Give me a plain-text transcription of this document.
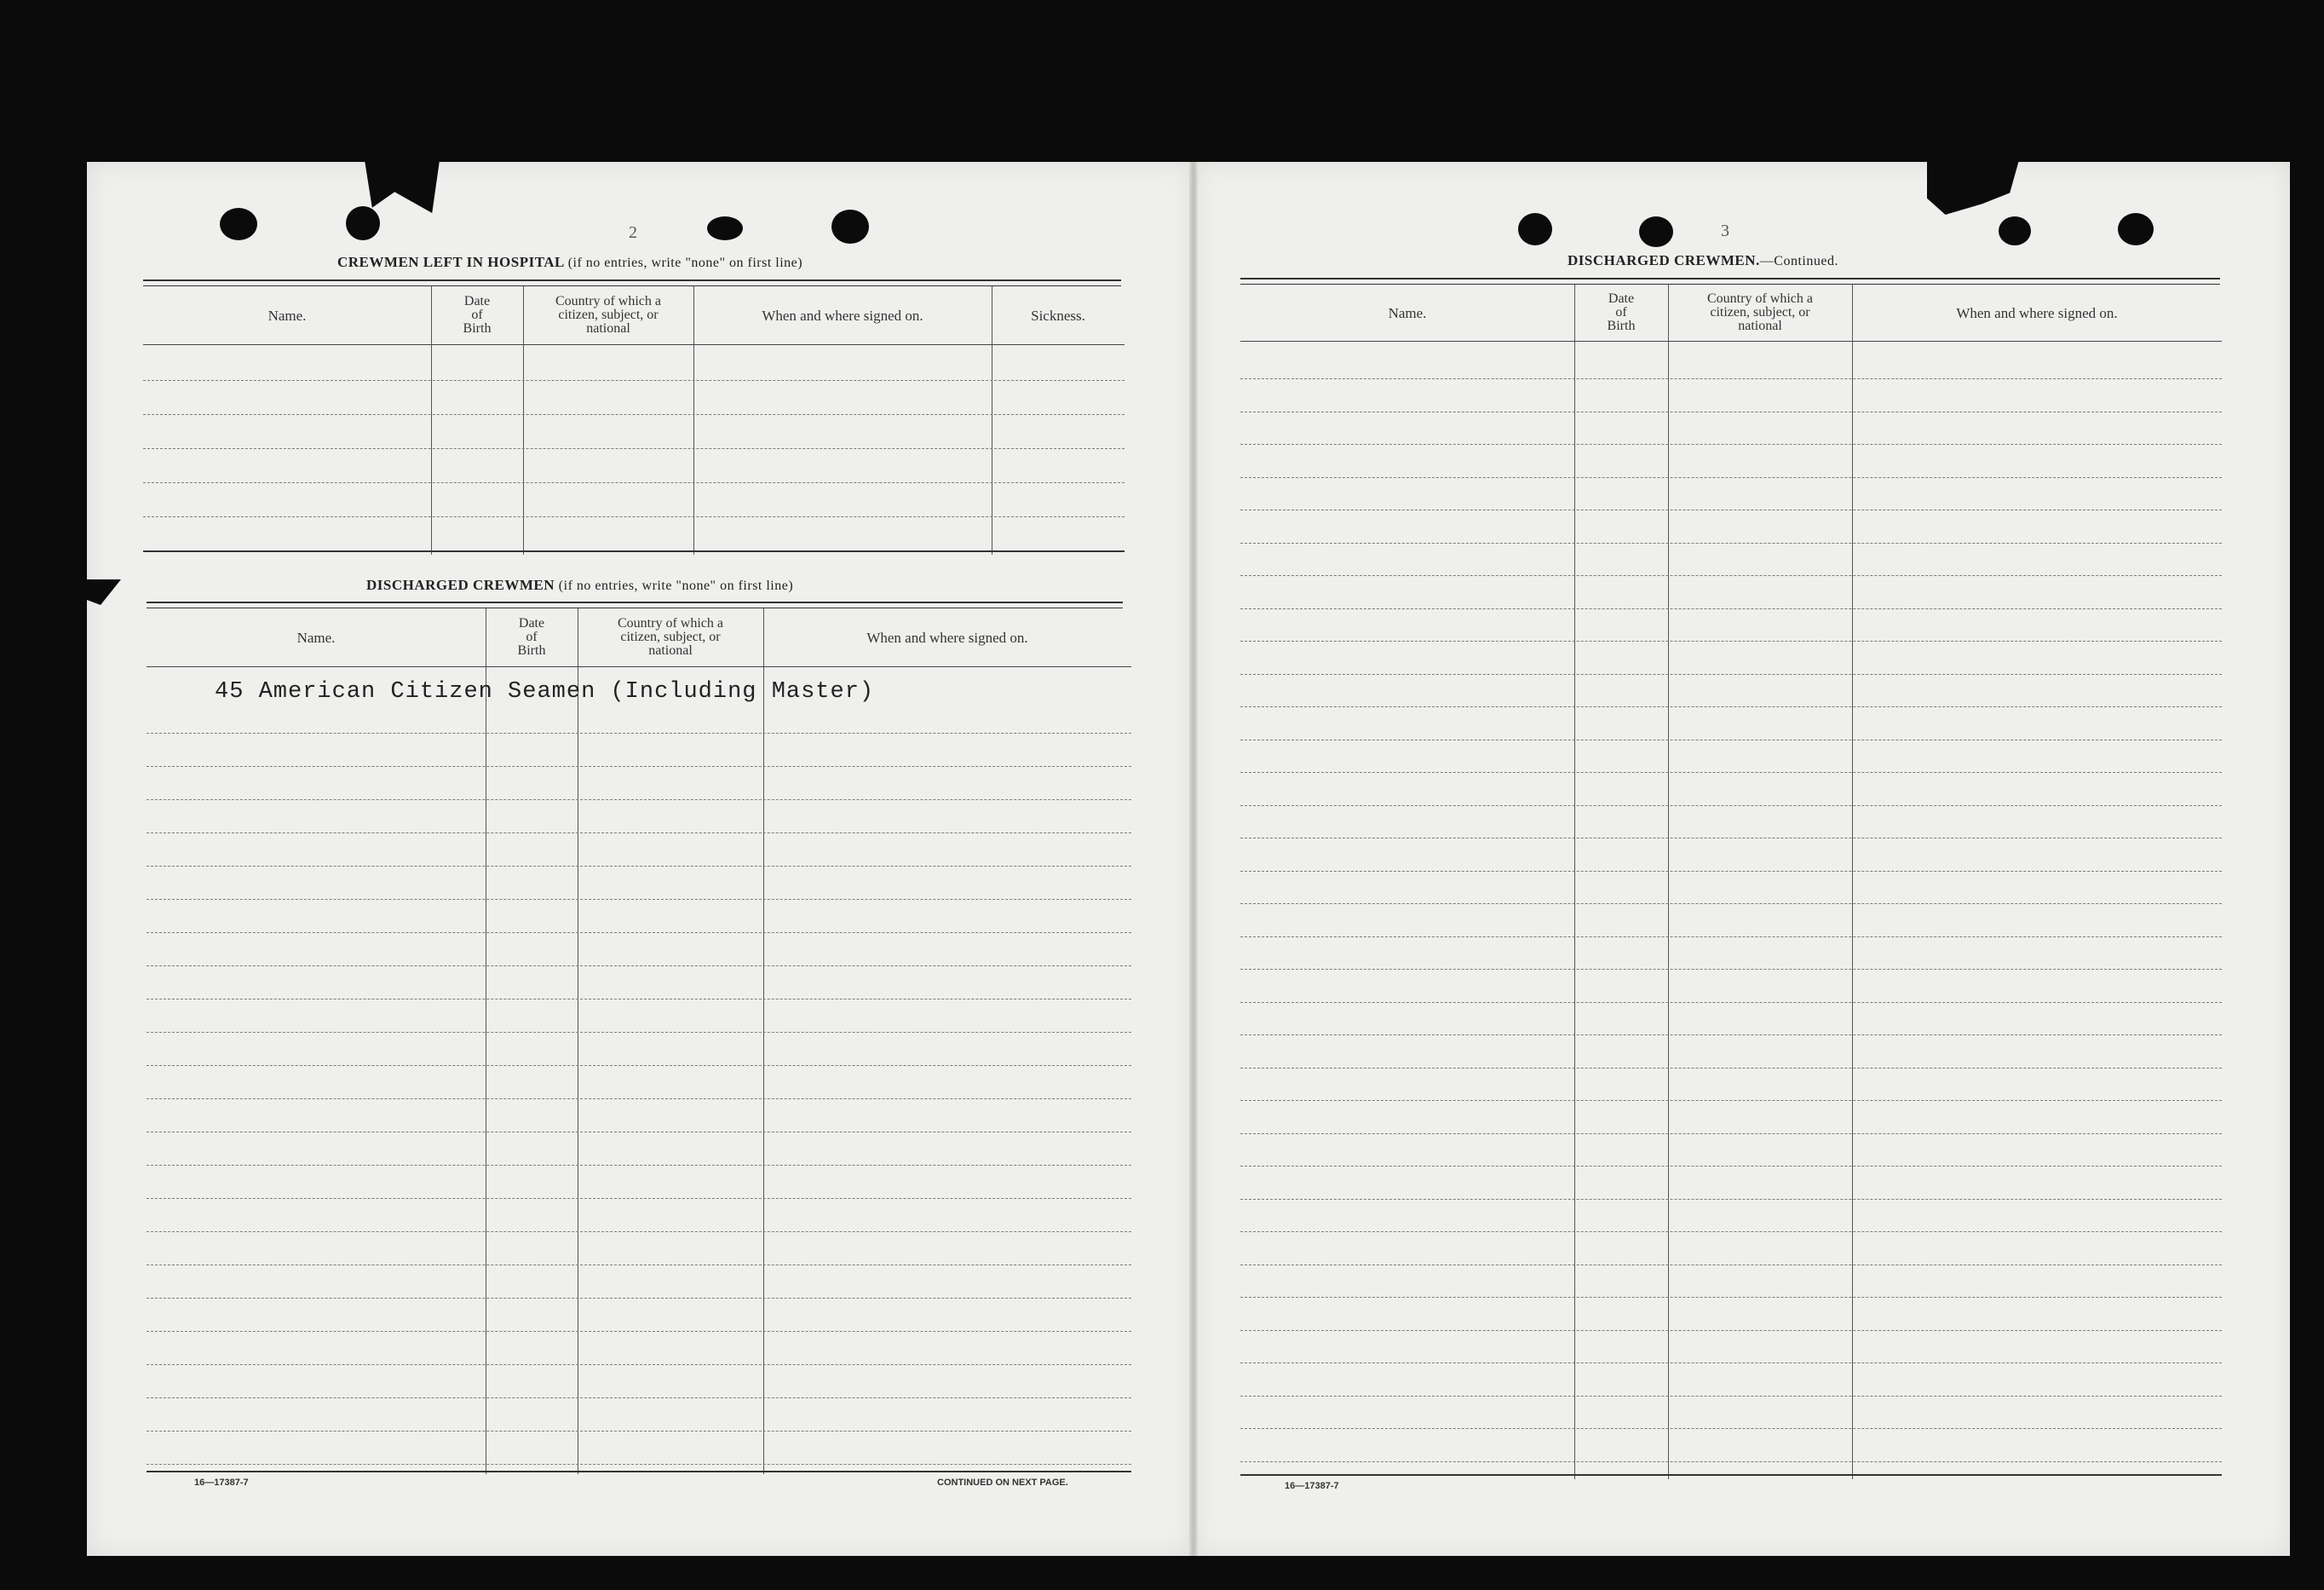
2
CREWMEN LEFT IN HOSPITAL (if no entries, write "none" on first line)
Name.
Date
of
Birth
Country of which a
citizen, subject, or
national
When and where signed on.	Sickness.
DISCHARGED CREWMEN (if no entries, write "none" on first line)
Name.
Date
of
Birth
Country of which a
citizen, subject, or
national
When and where signed on.
45 American Citizen Seamen (Including Master)
16—17387-7	CONTINUED ON NEXT PAGE.
3
DISCHARGED CREWMEN.—Continued.
Name.
Date
of
Birth
Country of which a
citizen, subject, or
national
When and where signed on.
16—17387-7
